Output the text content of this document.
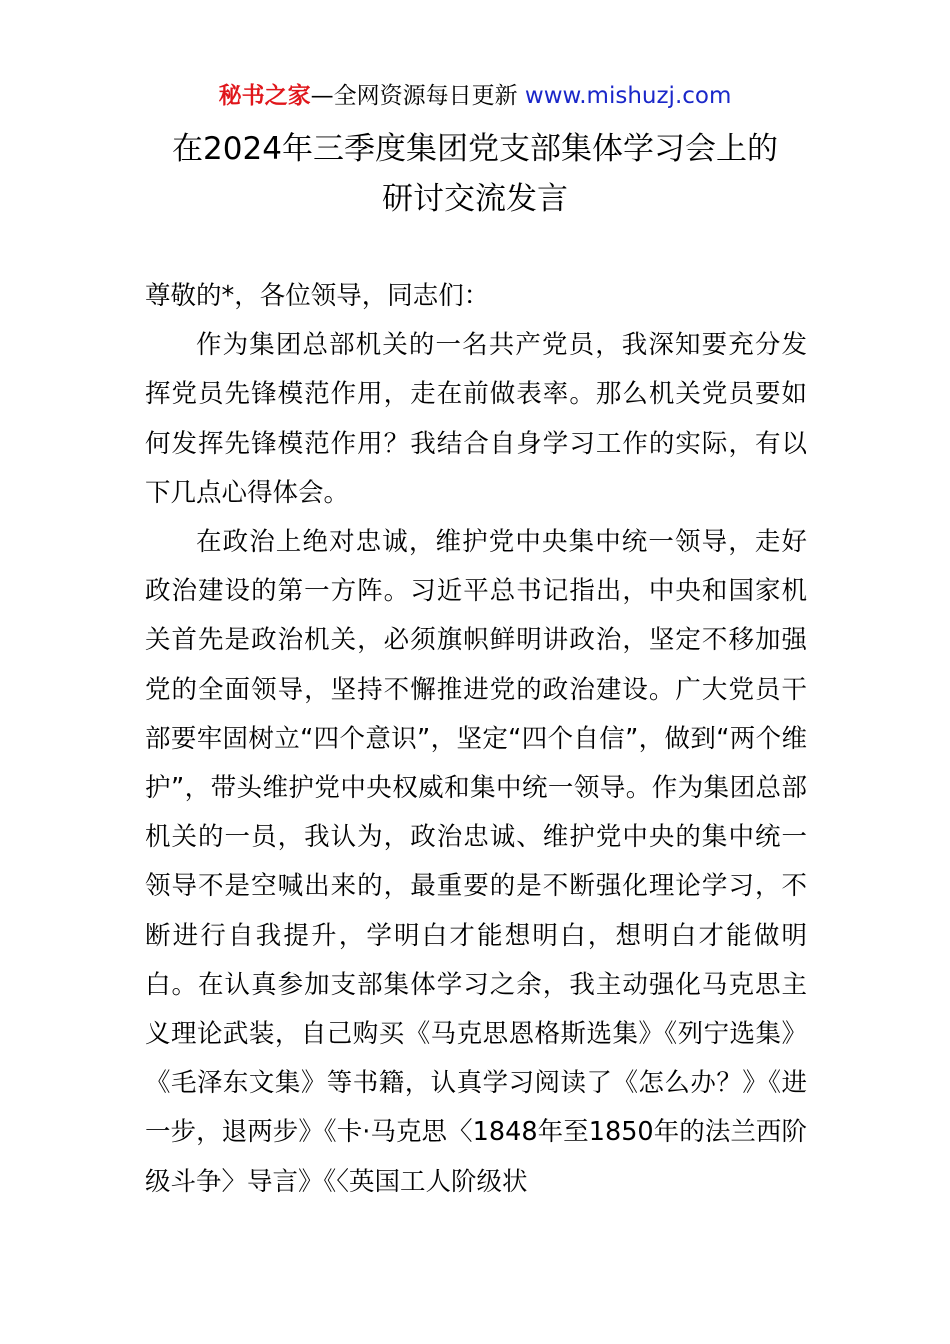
秘书之家—全网资源每日更新 www.mishuzj.com
在2024年三季度集团党支部集体学习会上的
研讨交流发言

尊敬的*，各位领导，同志们：

作为集团总部机关的一名共产党员，我深知要充分发挥党员先锋模范作用，走在前做表率。那么机关党员要如何发挥先锋模范作用？我结合自身学习工作的实际，有以下几点心得体会。

在政治上绝对忠诚，维护党中央集中统一领导，走好政治建设的第一方阵。习近平总书记指出，中央和国家机关首先是政治机关，必须旗帜鲜明讲政治，坚定不移加强党的全面领导，坚持不懈推进党的政治建设。广大党员干部要牢固树立“四个意识”，坚定“四个自信”，做到“两个维护”，带头维护党中央权威和集中统一领导。作为集团总部机关的一员，我认为，政治忠诚、维护党中央的集中统一领导不是空喊出来的，最重要的是不断强化理论学习，不断进行自我提升，学明白才能想明白，想明白才能做明白。在认真参加支部集体学习之余，我主动强化马克思主义理论武装，自己购买《马克思恩格斯选集》《列宁选集》《毛泽东文集》等书籍，认真学习阅读了《怎么办？》《进一步，退两步》《卡·马克思〈1848年至1850年的法兰西阶级斗争〉导言》《〈英国工人阶级状
